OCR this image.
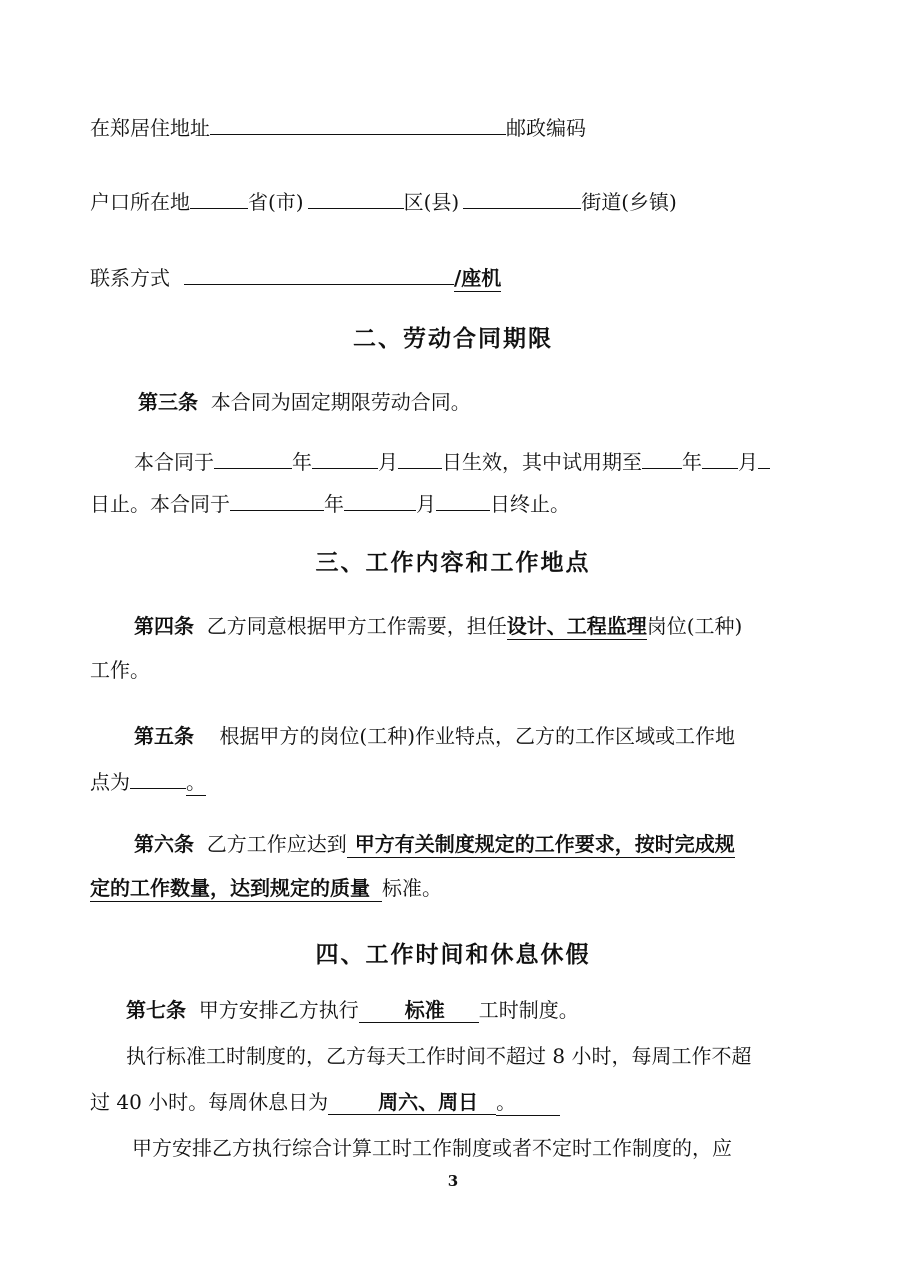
在郑居住地址	邮政编码
户口所在地	省(市)	区(县)	街道(乡镇)
联系方式	/座机
二、劳动合同期限
第三条 本合同为固定期限劳动合同。
本合同于	年	月 日生效，其中试用期至 年 月
日止。本合同于	年	月	日终止。
三、工作内容和工作地点
第四条 乙方同意根据甲方工作需要，担任设计、工程监理岗位(工种)
工作。
第五条 根据甲方的岗位(工种)作业特点，乙方的工作区域或工作地
点为	。
第六条 乙方工作应达到 甲方有关制度规定的工作要求，按时完成规
定的工作数量，达到规定的质量 标准。
四、工作时间和休息休假
第七条 甲方安排乙方执行 标准 工时制度。
执行标准工时制度的，乙方每天工作时间不超过 8 小时，每周工作不超
过 40 小时。每周休息日为	周六、周日 。
甲方安排乙方执行综合计算工时工作制度或者不定时工作制度的，应
3
